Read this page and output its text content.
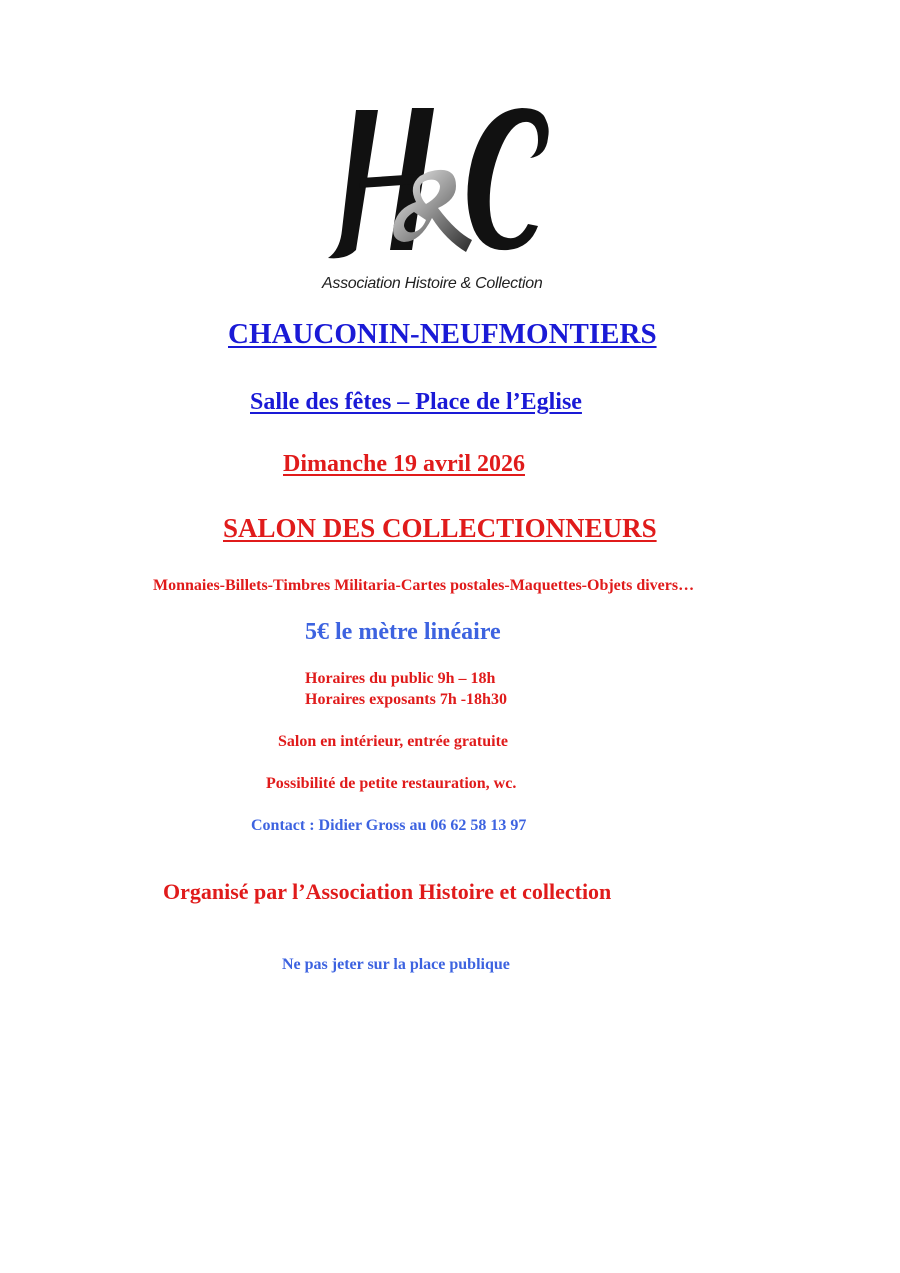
Association Histoire & Collection

CHAUCONIN-NEUFMONTIERS

Salle des fêtes – Place de l’Eglise

Dimanche 19 avril 2026

SALON DES COLLECTIONNEURS

Monnaies-Billets-Timbres Militaria-Cartes postales-Maquettes-Objets divers…

5€ le mètre linéaire

Horaires du public 9h – 18h

Horaires exposants 7h -18h30

Salon en intérieur, entrée gratuite

Possibilité de petite restauration, wc.

Contact : Didier Gross au 06 62 58 13 97

Organisé par l’Association Histoire et collection

Ne pas jeter sur la place publique
